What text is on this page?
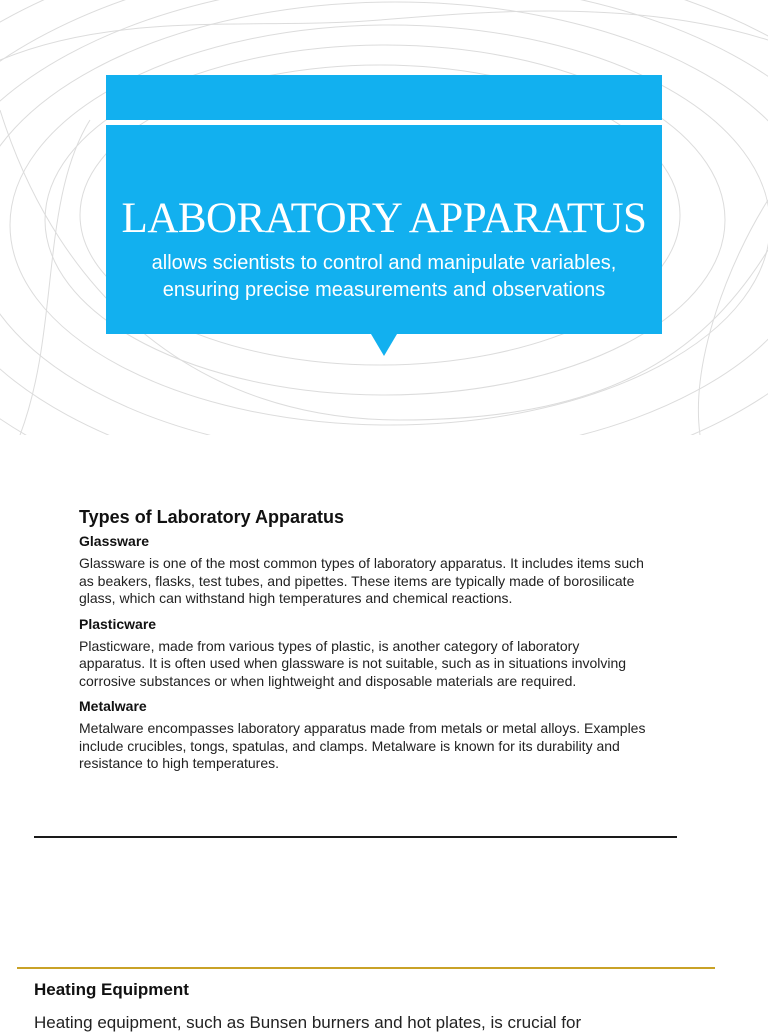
LABORATORY APPARATUS
allows scientists to control and manipulate variables,
ensuring precise measurements and observations
Types of Laboratory Apparatus
Glassware

Glassware is one of the most common types of laboratory apparatus. It includes items such as beakers, flasks, test tubes, and pipettes. These items are typically made of borosilicate glass, which can withstand high temperatures and chemical reactions.

Plasticware

Plasticware, made from various types of plastic, is another category of laboratory apparatus. It is often used when glassware is not suitable, such as in situations involving corrosive substances or when lightweight and disposable materials are required.

Metalware

Metalware encompasses laboratory apparatus made from metals or metal alloys. Examples include crucibles, tongs, spatulas, and clamps. Metalware is known for its durability and resistance to high temperatures.

Heating Equipment

Heating equipment, such as Bunsen burners and hot plates, is crucial for
